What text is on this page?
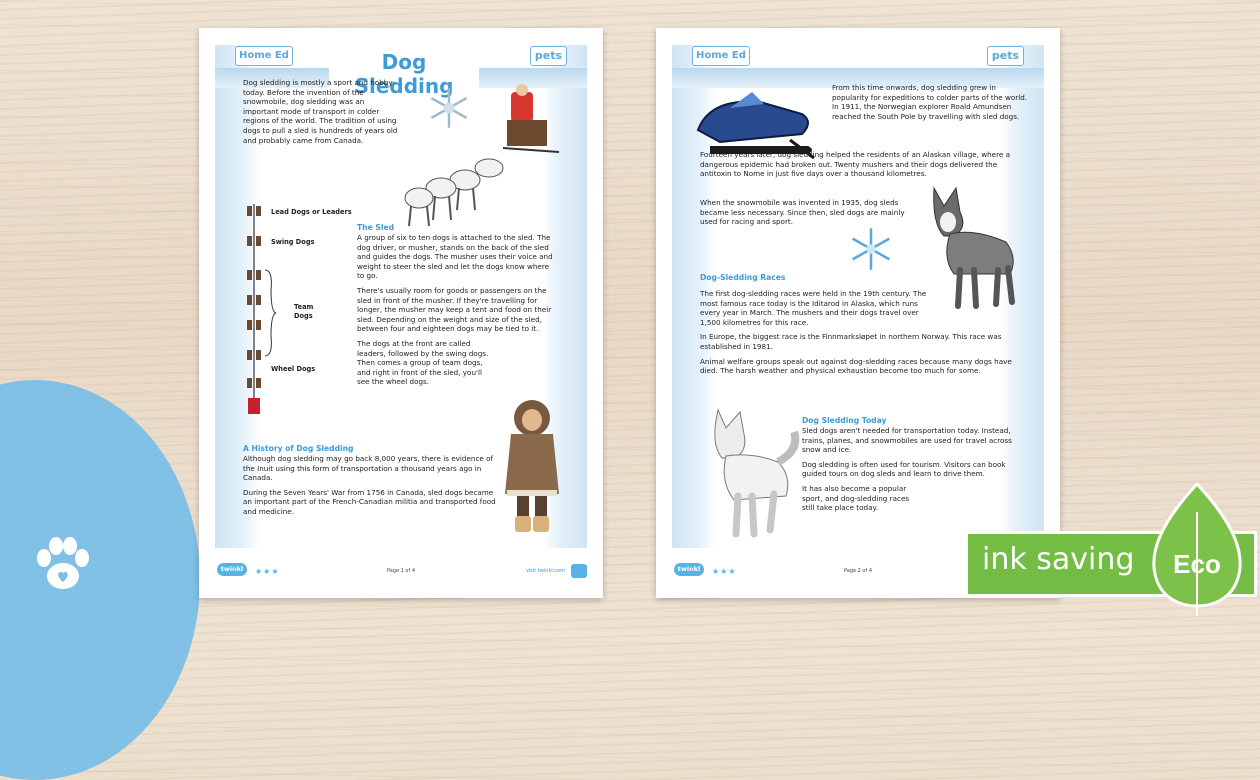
Home Ed	pets
Dog Sledding
Dog sledding is mostly a sport and hobby today. Before the invention of the snowmobile, dog sledding was an important mode of transport in colder regions of the world. The tradition of using dogs to pull a sled is hundreds of years old and probably came from Canada.
Lead Dogs or Leaders
Swing Dogs
Team Dogs
Wheel Dogs
The Sled

A group of six to ten dogs is attached to the sled. The dog driver, or musher, stands on the back of the sled and guides the dogs. The musher uses their voice and weight to steer the sled and let the dogs know where to go.

There's usually room for goods or passengers on the sled in front of the musher. If they're travelling for longer, the musher may keep a tent and food on their sled. Depending on the weight and size of the sled, between four and eighteen dogs may be tied to it.

The dogs at the front are called leaders, followed by the swing dogs. Then comes a group of team dogs, and right in front of the sled, you'll see the wheel dogs.

A History of Dog Sledding

Although dog sledding may go back 8,000 years, there is evidence of the Inuit using this form of transportation a thousand years ago in Canada.

During the Seven Years' War from 1756 in Canada, sled dogs became an important part of the French-Canadian militia and transported food and medicine.

twinkl	★★★	Page 1 of 4	visit twinkl.com
Home Ed	pets
From this time onwards, dog sledding grew in popularity for expeditions to colder parts of the world. In 1911, the Norwegian explorer Roald Amundsen reached the South Pole by travelling with sled dogs.
Fourteen years later, dog sledding helped the residents of an Alaskan village, where a dangerous epidemic had broken out. Twenty mushers and their dogs delivered the antitoxin to Nome in just five days over a thousand kilometres.
When the snowmobile was invented in 1935, dog sleds became less necessary. Since then, sled dogs are mainly used for racing and sport.
Dog-Sledding Races

The first dog-sledding races were held in the 19th century. The most famous race today is the Iditarod in Alaska, which runs every year in March. The mushers and their dogs travel over 1,500 kilometres for this race.

In Europe, the biggest race is the Finnmarksløpet in northern Norway. This race was established in 1981.

Animal welfare groups speak out against dog-sledding races because many dogs have died. The harsh weather and physical exhaustion become too much for some.

Dog Sledding Today

Sled dogs aren't needed for transportation today. Instead, trains, planes, and snowmobiles are used for travel across snow and ice.

Dog sledding is often used for tourism. Visitors can book guided tours on dog sleds and learn to drive them.

It has also become a popular sport, and dog-sledding races still take place today.

twinkl	★★★	Page 2 of 4	ink saving Eco
